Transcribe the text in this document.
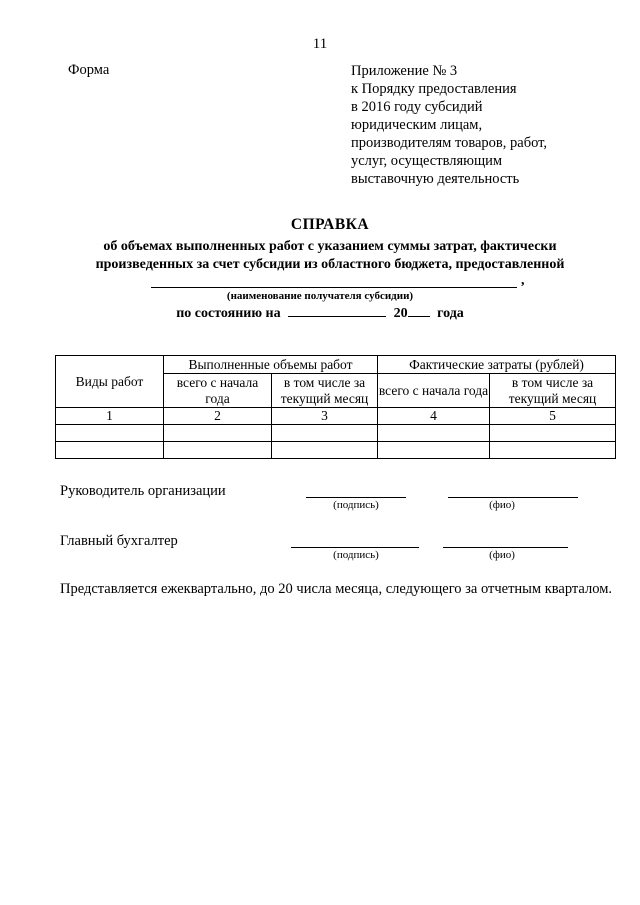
11
Форма	Приложение № 3
к Порядку предоставления
в 2016 году субсидий
юридическим лицам,
производителям товаров, работ,
услуг, осуществляющим
выставочную деятельность
СПРАВКА
об объемах выполненных работ с указанием суммы затрат, фактически
произведенных за счет субсидии из областного бюджета, предоставленной
,
(наименование получателя субсидии)
по состоянию на	20 года
Виды работ	Выполненные объемы работ		Фактические затраты (рублей)	
	всего с начала года	в том числе за текущий месяц	всего с начала года	в том числе за текущий месяц
1	2	3	4	5

Руководитель организации
(подпись)	(фио)
Главный бухгалтер
(подпись)	(фио)
Представляется ежеквартально, до 20 числа месяца, следующего за отчетным кварталом.
